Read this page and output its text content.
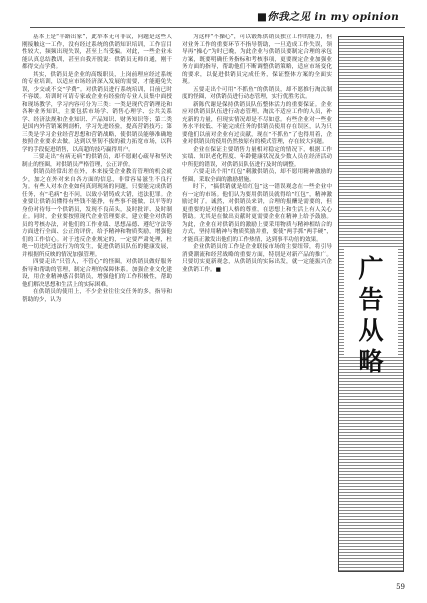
■你我之见 in my opinion

基本上是“半路出家”，此举本无可非议，问题是这些人刚接触这一工作，没有经过系统的供销知识培训，工作盲目性较大，频频出现失误，甚至上当受骗。对此，一些企业未能认真总结教训，甚至自我开脱说：供销员无师自通，刚干都得交点学费。

其实，供销员是企业的高级职员，上岗前理应经过系统的专业培训，以适应市场经济深入发展的需要，才能避免失误，少交或不交“学费”。对供销员进行系统培训，目前已时不容缓。培训时可请专家或企业有经验的专业人员集中面授和现场教学，学习内容可分为三类：一类是现代营销理论和各种业务知识，主要包括市场学、销售心理学、公共关系学、经济法规和企业知识、产品知识、财务知识等；第二类是国内外营销案例剖析，学习先进经验，提高营销技巧；第三类是学习企业经营思想和营销战略，使供销员能够准确地按照企业要求去做。达到以坚韧不拔的毅力拓宽市场，以科学的手段促进销售，以高超的技巧赢得用户。

三要走出“有病无病”的供销员，却不愿耐心疏导和坚决制止的怪圈，对供销员严格管理，公正评价。

供销员经常出差在外，本来接受企业教育管理的机会就少，加之在外对来自各方面的信息，非常容易滋生不良行为。有些人对本企业如何真到现场的问题，只要能完成供销任务，有“毛病”也不问，以致小错铸成大错，违法犯罪。企业要让供销员懂得有些钱不能挣，有些事不能做，以平等的身份对待每一个供销员，发现不良苗头，及时批评、及时制止。同时，企业要按照现代企业管理要求，建立健全对供销员的考核办法，对他们的工作业绩、思想品德、遵纪守法等方面进行全面、公正的评价，给予精神和物质奖励，增强他们的工作信心。对于违反企业规定的，一定要严肃处理，杜绝一切违纪违法行为的发生，促进供销员队伍的健康发展，并根据所反映的情况加强管理。

四要走出“只管人，不管心”的怪圈，对供销员做好服务指导和帮助的管理，制定合理的保障体系。加强企业文化建设，用企业精神感召供销员，增强他们的工作积极性，帮助他们解决思想和生活上的实际困难。

在供销员的使用上，不少企业往往交任务的多，指导和帮助的少，认为

为这样“不操心”，可以锻炼供销员独立工作的能力，但对业务工作的重要环节不指导帮助，一旦造成工作失误，领导再“操心”为时已晚，为此企业与供销员要制定合理的承包方案，既要明确任务指标和考核事项，更要规定企业加强业务方面的指导，帮助他们不断调整供销策略，适应市场变化的要求，以促进供销员完成任务，保证整体方案的全面实现。

五要走出个可用“不抓鱼”的供销员，却不愿推行淘汰制度的怪圈，对供销员进行动态管理，实行优胜劣汰。

新陈代谢是保持供销员队伍整体活力的重要保证。企业应对供销员队伍进行动态管理，淘汰不适应工作的人员，补充新的力量，但现实情况却是不尽如意。有些企业对一些业务水平较低、不能完成任务的供销员使用存在误区，认为只要他们以前对企业有过贡献，现在“不抓鱼”了也得用着，企业对供销员的使用仍然按原有的模式管理，存在较大问题。

企业在保证主要销售力量相对稳定的情况下，根据工作实绩、知识老化程度、年龄健康状况及少数人员在经济活动中所犯的错误，对供销员队伍进行及时的调整。

六要走出个用“红包”刺激供销员，却不愿用精神激励的怪圈，采取全面的激励措施。

时下，“搞供销就是给红包”这一错误观念在一些企业中有一定的市场。他们认为要用供销员就得给“红包”，精神激励过时了。诚然，对供销员来讲，合理的报酬是需要的，但更重要的是对他们人格的尊重，在思想上和生活上有人关心帮助。尤其是在做出贡献时更需要企业在精神上给予鼓励。为此，企业在对供销员的激励上要采用物质与精神相结合的方式，坚持用精神与物质奖励并重，要使“两手抓“两手硬”，才能真正激发出他们的工作热情，达到事半功倍的效果。

企业供销员的工作是企业联接市场的主要纽带，将引导消费潮流和经营战略的重要方面，特别是对新产品的推广。只要切实更新观念，从供销员的实际出发，就一定能振兴企业供销工作。■	广
告
从
略
59
